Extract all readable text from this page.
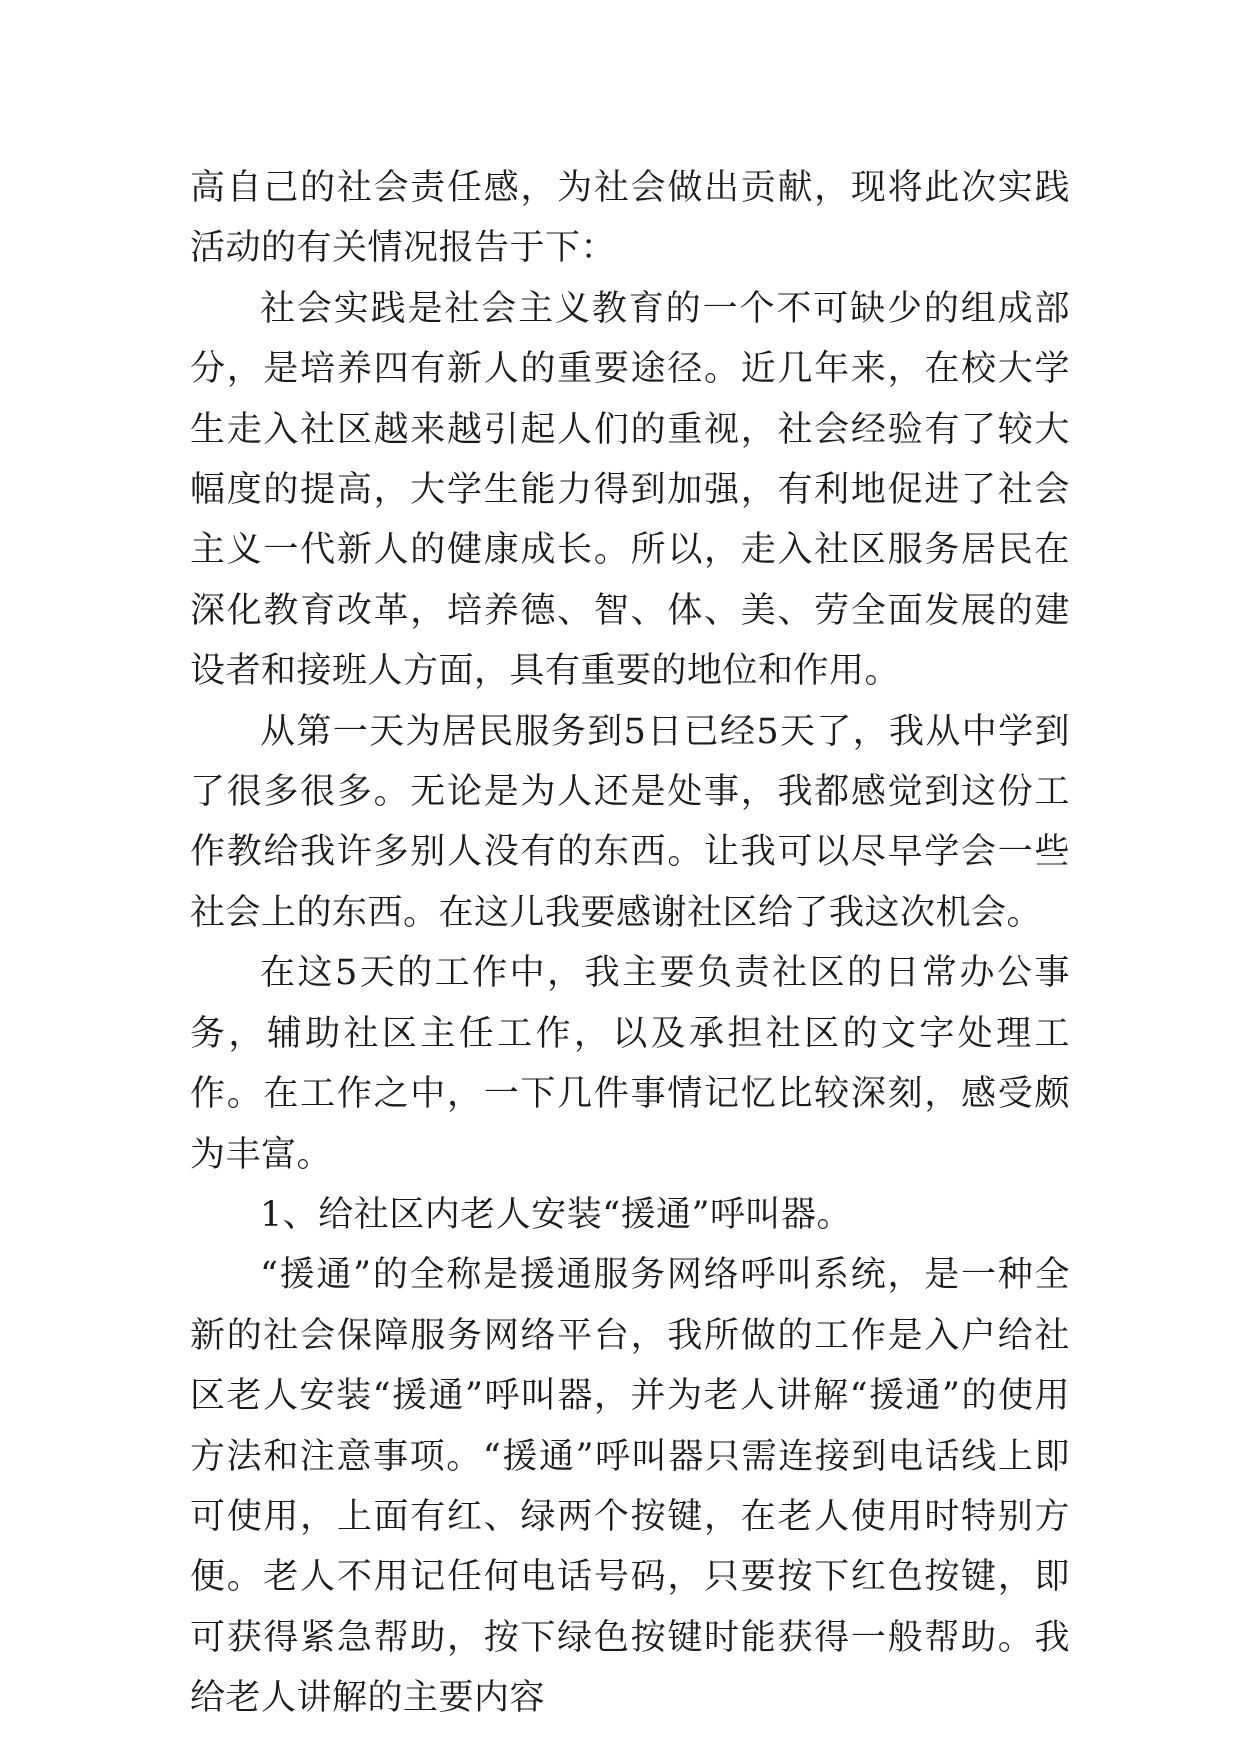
高自己的社会责任感，为社会做出贡献，现将此次实践活动的有关情况报告于下：

社会实践是社会主义教育的一个不可缺少的组成部分，是培养四有新人的重要途径。近几年来，在校大学生走入社区越来越引起人们的重视，社会经验有了较大幅度的提高，大学生能力得到加强，有利地促进了社会主义一代新人的健康成长。所以，走入社区服务居民在深化教育改革，培养德、智、体、美、劳全面发展的建设者和接班人方面，具有重要的地位和作用。

从第一天为居民服务到5日已经5天了，我从中学到了很多很多。无论是为人还是处事，我都感觉到这份工作教给我许多别人没有的东西。让我可以尽早学会一些社会上的东西。在这儿我要感谢社区给了我这次机会。

在这5天的工作中，我主要负责社区的日常办公事务，辅助社区主任工作，以及承担社区的文字处理工作。在工作之中，一下几件事情记忆比较深刻，感受颇为丰富。

1、给社区内老人安装“援通”呼叫器。

“援通”的全称是援通服务网络呼叫系统，是一种全新的社会保障服务网络平台，我所做的工作是入户给社区老人安装“援通”呼叫器，并为老人讲解“援通”的使用方法和注意事项。“援通”呼叫器只需连接到电话线上即可使用，上面有红、绿两个按键，在老人使用时特别方便。老人不用记任何电话号码，只要按下红色按键，即可获得紧急帮助，按下绿色按键时能获得一般帮助。我给老人讲解的主要内容
